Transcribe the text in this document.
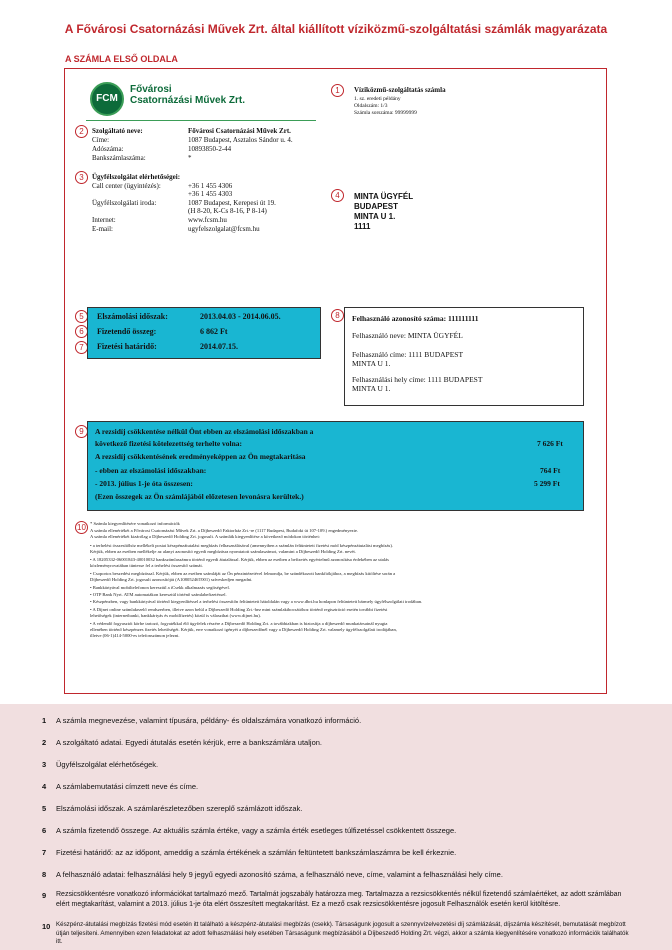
A Fővárosi Csatornázási Művek Zrt. által kiállított víziközmű-szolgáltatási számlák magyarázata
A SZÁMLA ELSŐ OLDALA
FCM
Fővárosi
Csatornázási Művek Zrt.
1
2
3
4
5
6
7
8
9
10
Víziközmű-szolgáltatás számla
1. sz. eredeti példány
Oldalszám: 1/3
Számla sorszáma: 99999999
Szolgáltató neve:	Fővárosi Csatornázási Művek Zrt.
Címe:	1087 Budapest, Asztalos Sándor u. 4.
Adószáma:	10893850-2-44
Bankszámlaszáma:	*
Ügyfélszolgálat elérhetőségei:
Call center (ügyintézés):	+36 1 455 4306
+36 1 455 4303
Ügyfélszolgálati iroda:	1087 Budapest, Kerepesi út 19.
(H 8-20, K-Cs 8-16, P 8-14)
Internet:	www.fcsm.hu
E-mail:	ugyfelszolgalat@fcsm.hu
MINTA ÜGYFÉL
BUDAPEST
MINTA U 1.
1111
Elszámolási időszak:	2013.04.03 - 2014.06.05.
Fizetendő összeg:	6 862 Ft
Fizetési határidő:	2014.07.15.
Felhasználó azonosító száma: 111111111
Felhasználó neve: MINTA ÜGYFÉL
Felhasználó címe: 1111 BUDAPEST
MINTA U 1.
Felhasználási hely címe: 1111 BUDAPEST
MINTA U 1.
A rezsidíj csökkentése nélkül Önt ebben az elszámolási időszakban a
következő fizetési kötelezettség terhelte volna:	7 626 Ft
A rezsidíj csökkentésének eredményeképpen az Ön megtakaritása
- ebben az elszámolási időszakban:	764 Ft
- 2013. július 1-je óta összesen:	5 299 Ft
(Ezen összegek az Ön számlájából előzetesen levonásra kerültek.)
* Számla kiegyenlítésére vonatkozó információk
A számla ellenértékét a Fővárosi Csatornázási Művek Zrt. a Díjbeszedő Faktorház Zrt.-re (1117 Budapest, Budafoki út 107-109.) engedményezte.
A számla ellenértékét kizárólag a Díjbeszedő Holding Zrt. jogosult. A számlák kiegyenlítése a következő módokon történhet:
• a terhelési összesítőhöz mellékelt postai készpénzátutalási megbízás felhasználásával (amennyiben a számlán feltüntetett fizetési mód készpénzátutalási megbízás).
Kérjük, ebben az esetben mellékelje az alanyi azonosító egyedi megbízásra nyomtatott számlaszámot, valamint a Díjbeszedő Holding Zrt. nevét.
• A 18205332-06001843-40010032 bankszámlaszámra történő egyedi átutalással. Kérjük, ebben az esetben a befizetés egyértelmű azonosítása érdekében az utalás
közleményrovatában tüntesse fel a terhelési összesítő számát.
• Csoportos beszedési megbízással. Kérjük, ebben az esetben számláját az Ön pénzintézetével felmondja, be szándékozott bankfiókjához, a megbízás kitöltése során a
Díjbeszedő Holding Zrt. jogosult azonosítóját (A10805246T001) szíveskedjen megadni.
• Bankkártyával mobiltelefonon keresztül a iCsekk alkalmazás segítségével.
• OTP Bank Nyrt. ATM automatákon keresztül történő számlabefizetéssel.
• Készpénzben, vagy bankkártyával történő kiegyenlítéssel a terhelési összesítőn feltüntetett hátoldalán vagy a www.dbrt.hu honlapon feltüntetett bármely ügyfélszolgálati irodában.
• A Díjnet online számlakezelő rendszerben, illetve azon belül a Díjbeszedő Holding Zrt.-hez mint számlakibocsátóhoz történő regisztráció esetén további fizetési
lehetőségek (internetbanki, bankkártyás és mobilfizetés) közül is választhat (www.dijnet.hu).
• A védendő fogyasztói körbe tartozó, fogyatékkal élő ügyfelek részére a Díjbeszedő Holding Zrt. a továbbiakban is biztosítja a díjbeszedő munkatársainál nyugta
ellenében történő készpénzes fizetés lehetőségét. Kérjük, erre vonatkozó igényét a díjbeszedőnél vagy a Díjbeszedő Holding Zrt. valamely ügyfélszolgálati irodájában,
illetve (06-1)414-5000-es telefonszámon jelezni.
1 A számla megnevezése, valamint típusára, példány- és oldalszámára vonatkozó információ.
2 A szolgáltató adatai. Egyedi átutalás esetén kérjük, erre a bankszámlára utaljon.
3 Ügyfélszolgálat elérhetőségek.
4 A számlabemutatási címzett neve és címe.
5 Elszámolási időszak. A számlarészletezőben szereplő számlázott időszak.
6 A számla fizetendő összege. Az aktuális számla értéke, vagy a számla érték esetleges túlfizetéssel csökkentett összege.
7 Fizetési határidő: az az időpont, ameddig a számla értékének a számlán feltüntetett bankszámlaszámra be kell érkeznie.
8 A felhasználó adatai: felhasználási hely 9 jegyű egyedi azonosító száma, a felhasználó neve, címe, valamint a felhasználási hely címe.
9 Rezsicsökkentésre vonatkozó információkat tartalmazó mező. Tartalmát jogszabály határozza meg. Tartalmazza a rezsicsökkentés nélkül fizetendő számlaértéket, az adott számlában elért megtakarítást, valamint a 2013. július 1-je óta elért összesített megtakarítást. Ez a mező csak rezsicsökkentésre jogosult Felhasználók esetén kerül kitöltésre.
10 Készpénz-átutalási megbízás fizetési mód esetén itt található a készpénz-átutalási megbízás (csekk). Társaságunk jogosult a szennyvízelvezetési díj számlázását, díjszámla készítését, bemutatását megbízott útján teljesíteni. Amennyiben ezen feladatokat az adott felhasználási hely esetében Társaságunk megbízásából a Díjbeszedő Holding Zrt. végzi, akkor a számla kiegyenlítésére vonatkozó információk találhatók itt.
